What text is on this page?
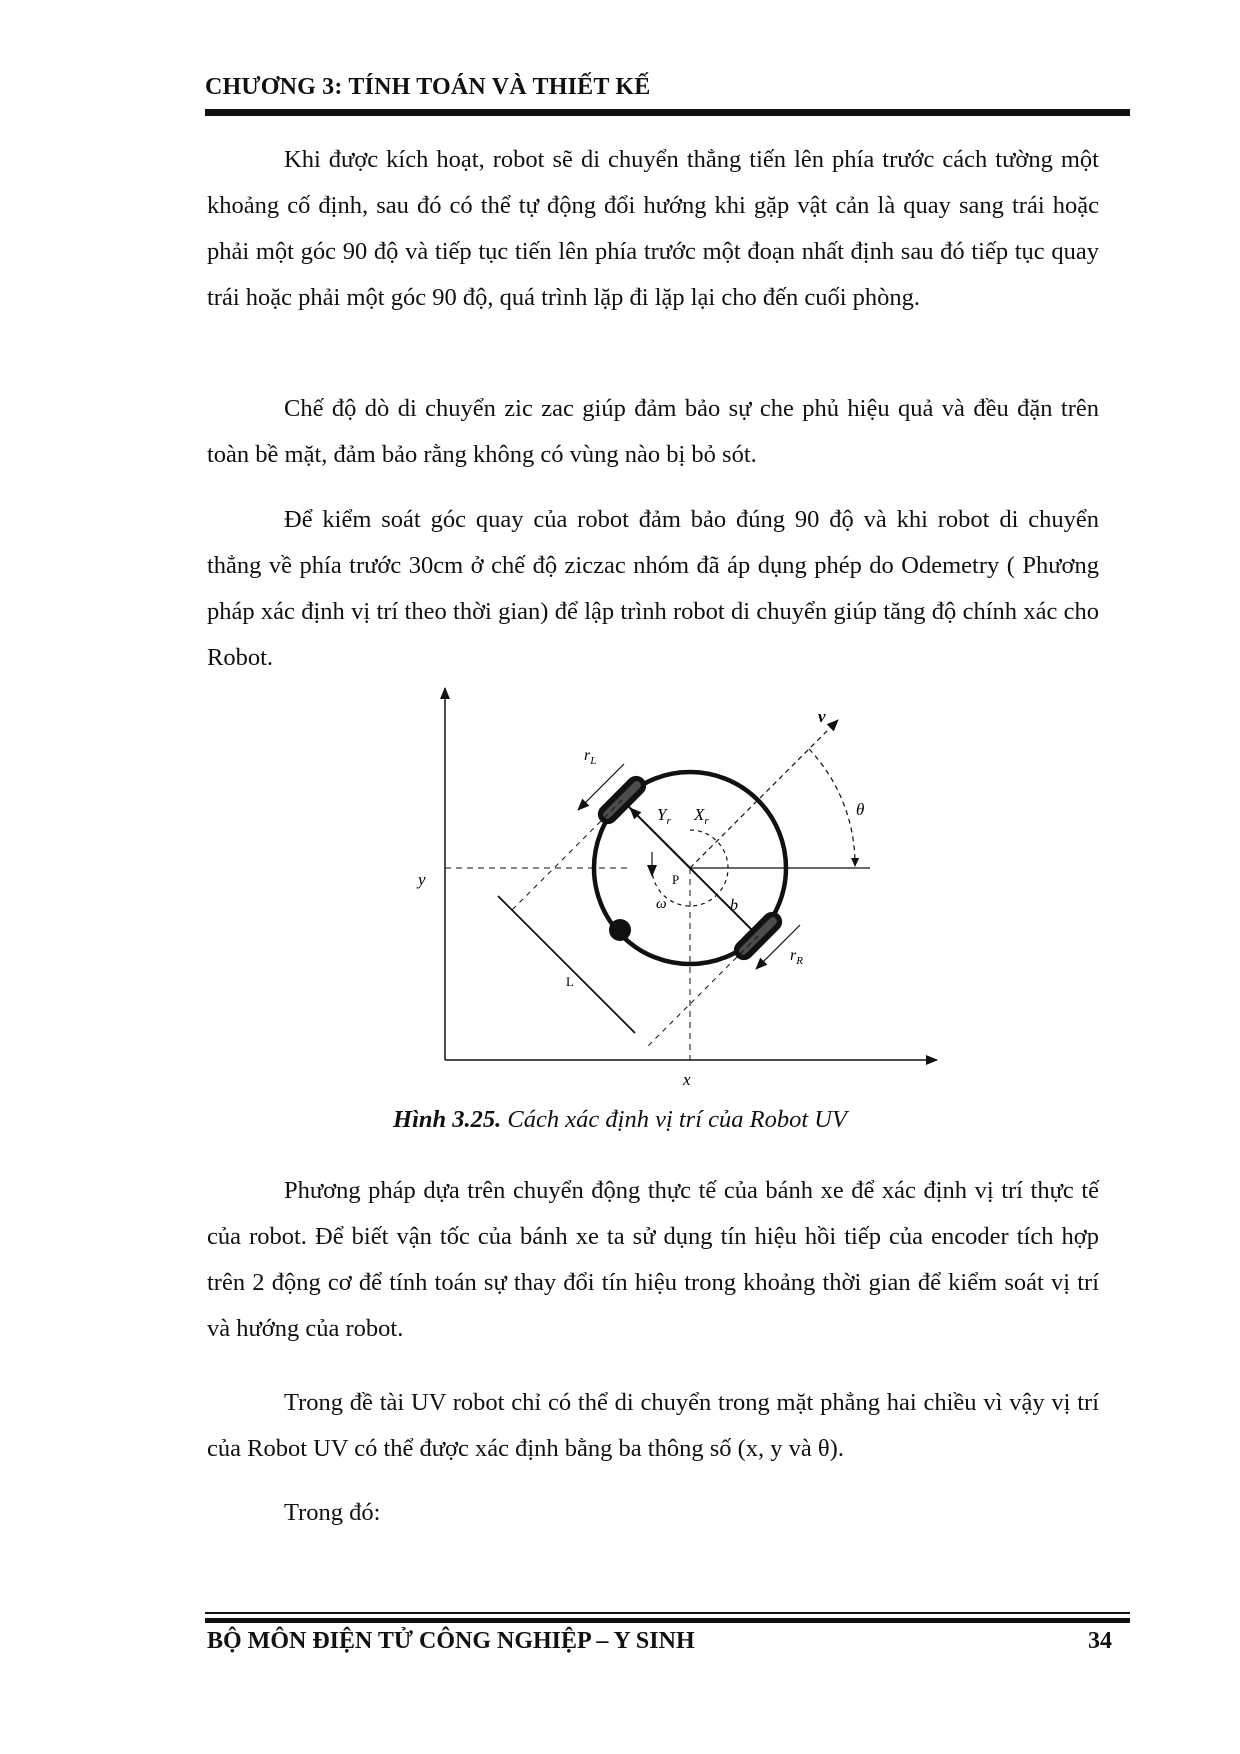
CHƯƠNG 3: TÍNH TOÁN VÀ THIẾT KẾ

Khi được kích hoạt, robot sẽ di chuyển thẳng tiến lên phía trước cách tường một khoảng cố định, sau đó có thể tự động đổi hướng khi gặp vật cản là quay sang trái hoặc phải một góc 90 độ và tiếp tục tiến lên phía trước một đoạn nhất định sau đó tiếp tục quay trái hoặc phải một góc 90 độ, quá trình lặp đi lặp lại cho đến cuối phòng.

Chế độ dò di chuyển zic zac giúp đảm bảo sự che phủ hiệu quả và đều đặn trên toàn bề mặt, đảm bảo rằng không có vùng nào bị bỏ sót.

Để kiểm soát góc quay của robot đảm bảo đúng 90 độ và khi robot di chuyển thẳng về phía trước 30cm ở chế độ ziczac nhóm đã áp dụng phép do Odemetry ( Phương pháp xác định vị trí theo thời gian) để lập trình robot di chuyển giúp tăng độ chính xác cho Robot.

y
x
v
θ
$r_L$
$r_R$
$Y_r$ $X_r$
P
ω	b
L
Hình 3.25. Cách xác định vị trí của Robot UV

Phương pháp dựa trên chuyển động thực tế của bánh xe để xác định vị trí thực tế của robot. Để biết vận tốc của bánh xe ta sử dụng tín hiệu hồi tiếp của encoder tích hợp trên 2 động cơ để tính toán sự thay đổi tín hiệu trong khoảng thời gian để kiểm soát vị trí và hướng của robot.

Trong đề tài UV robot chỉ có thể di chuyển trong mặt phẳng hai chiều vì vậy vị trí của Robot UV có thể được xác định bằng ba thông số (x, y và θ).

Trong đó:

BỘ MÔN ĐIỆN TỬ CÔNG NGHIỆP – Y SINH	34
